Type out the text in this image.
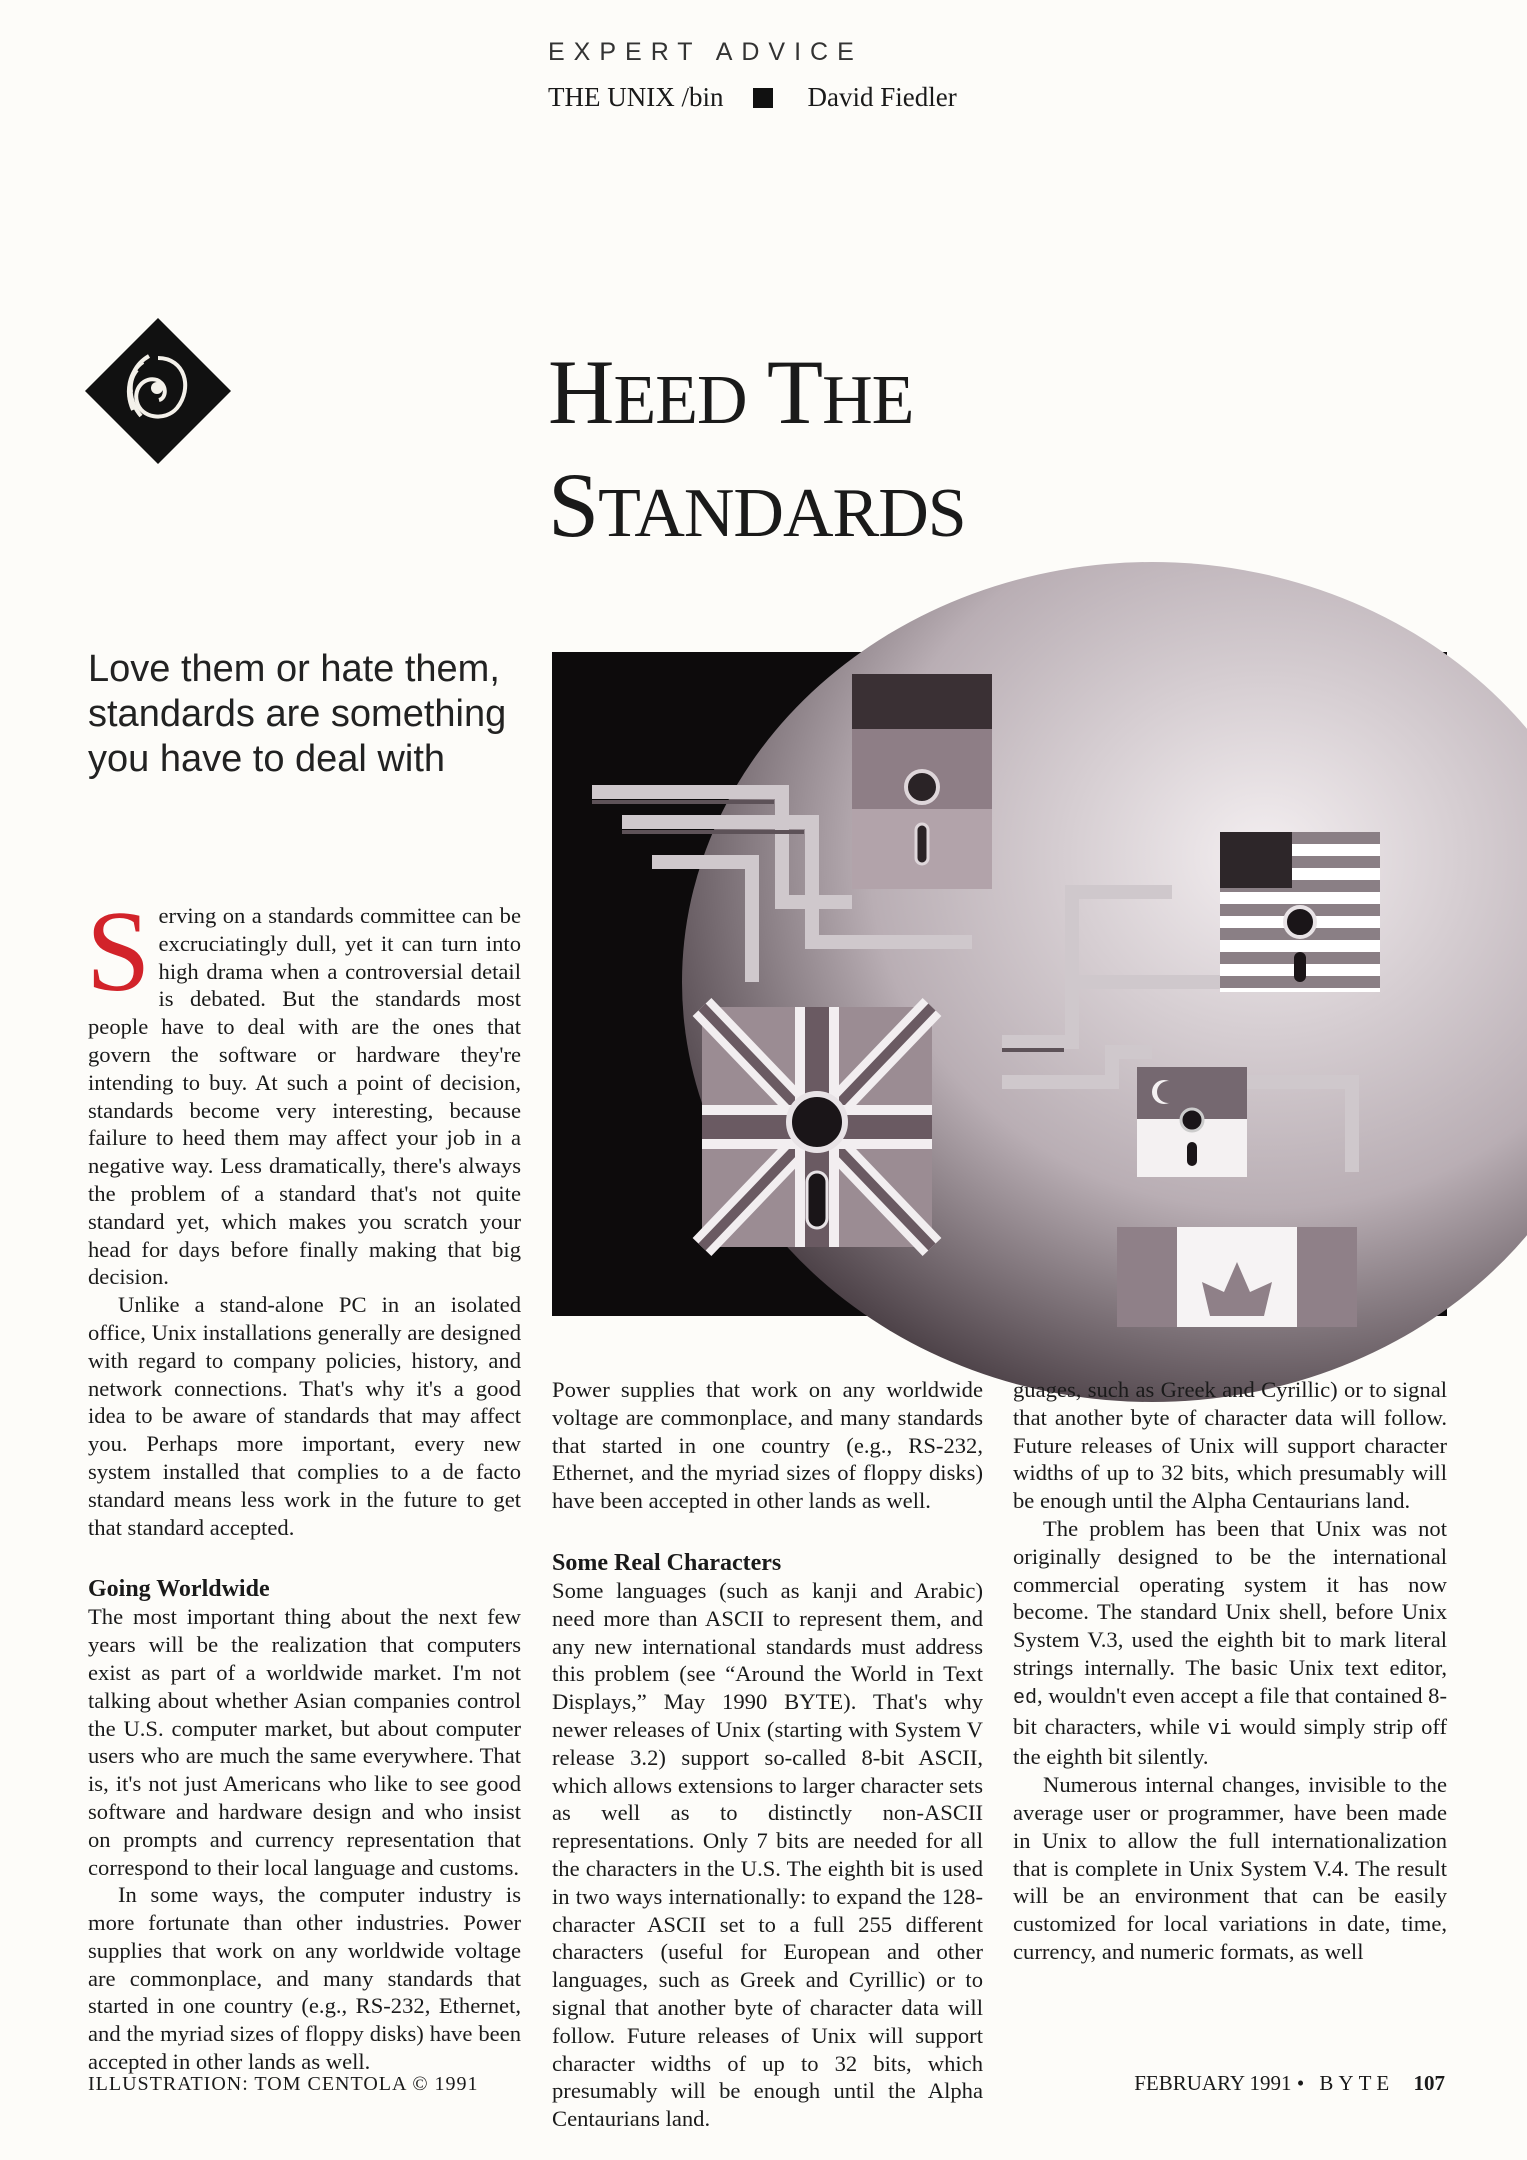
EXPERT ADVICE
THE UNIX /bin	David Fiedler
HEED THE
STANDARDS
Love them or hate them, standards are something you have to deal with

Serving on a standards committee can be excruciatingly dull, yet it can turn into high drama when a controversial detail is debated. But the standards most people have to deal with are the ones that govern the software or hardware they're intending to buy. At such a point of decision, standards become very interesting, because failure to heed them may affect your job in a negative way. Less dramatically, there's always the problem of a standard that's not quite standard yet, which makes you scratch your head for days before finally making that big decision.

Unlike a stand-alone PC in an isolated office, Unix installations generally are designed with regard to company policies, history, and network connections. That's why it's a good idea to be aware of standards that may affect you. Perhaps more important, every new system installed that complies to a de facto standard means less work in the future to get that standard accepted.

Going Worldwide

The most important thing about the next few years will be the realization that computers exist as part of a worldwide market. I'm not talking about whether Asian companies control the U.S. computer market, but about computer users who are much the same everywhere. That is, it's not just Americans who like to see good software and hardware design and who insist on prompts and currency representation that correspond to their local language and customs.

In some ways, the computer industry is more fortunate than other industries. Power supplies that work on any worldwide voltage are commonplace, and many standards that started in one country (e.g., RS-232, Ethernet, and the myriad sizes of floppy disks) have been accepted in other lands as well.

Power supplies that work on any worldwide voltage are commonplace, and many standards that started in one country (e.g., RS-232, Ethernet, and the myriad sizes of floppy disks) have been accepted in other lands as well.

Some Real Characters

Some languages (such as kanji and Arabic) need more than ASCII to represent them, and any new international standards must address this problem (see “Around the World in Text Displays,” May 1990 BYTE). That's why newer releases of Unix (starting with System V release 3.2) support so-called 8-bit ASCII, which allows extensions to larger character sets as well as to distinctly non-ASCII representations. Only 7 bits are needed for all the characters in the U.S. The eighth bit is used in two ways internationally: to expand the 128-character ASCII set to a full 255 different characters (useful for European and other languages, such as Greek and Cyrillic) or to signal that another byte of character data will follow. Future releases of Unix will support character widths of up to 32 bits, which presumably will be enough until the Alpha Centaurians land.

guages, such as Greek and Cyrillic) or to signal that another byte of character data will follow. Future releases of Unix will support character widths of up to 32 bits, which presumably will be enough until the Alpha Centaurians land.

The problem has been that Unix was not originally designed to be the international commercial operating system it has now become. The standard Unix shell, before Unix System V.3, used the eighth bit to mark literal strings internally. The basic Unix text editor, ed, wouldn't even accept a file that contained 8-bit characters, while vi would simply strip off the eighth bit silently.

Numerous internal changes, invisible to the average user or programmer, have been made in Unix to allow the full internationalization that is complete in Unix System V.4. The result will be an environment that can be easily customized for local variations in date, time, currency, and numeric formats, as well

ILLUSTRATION: TOM CENTOLA © 1991	FEBRUARY 1991 • BYTE 107
